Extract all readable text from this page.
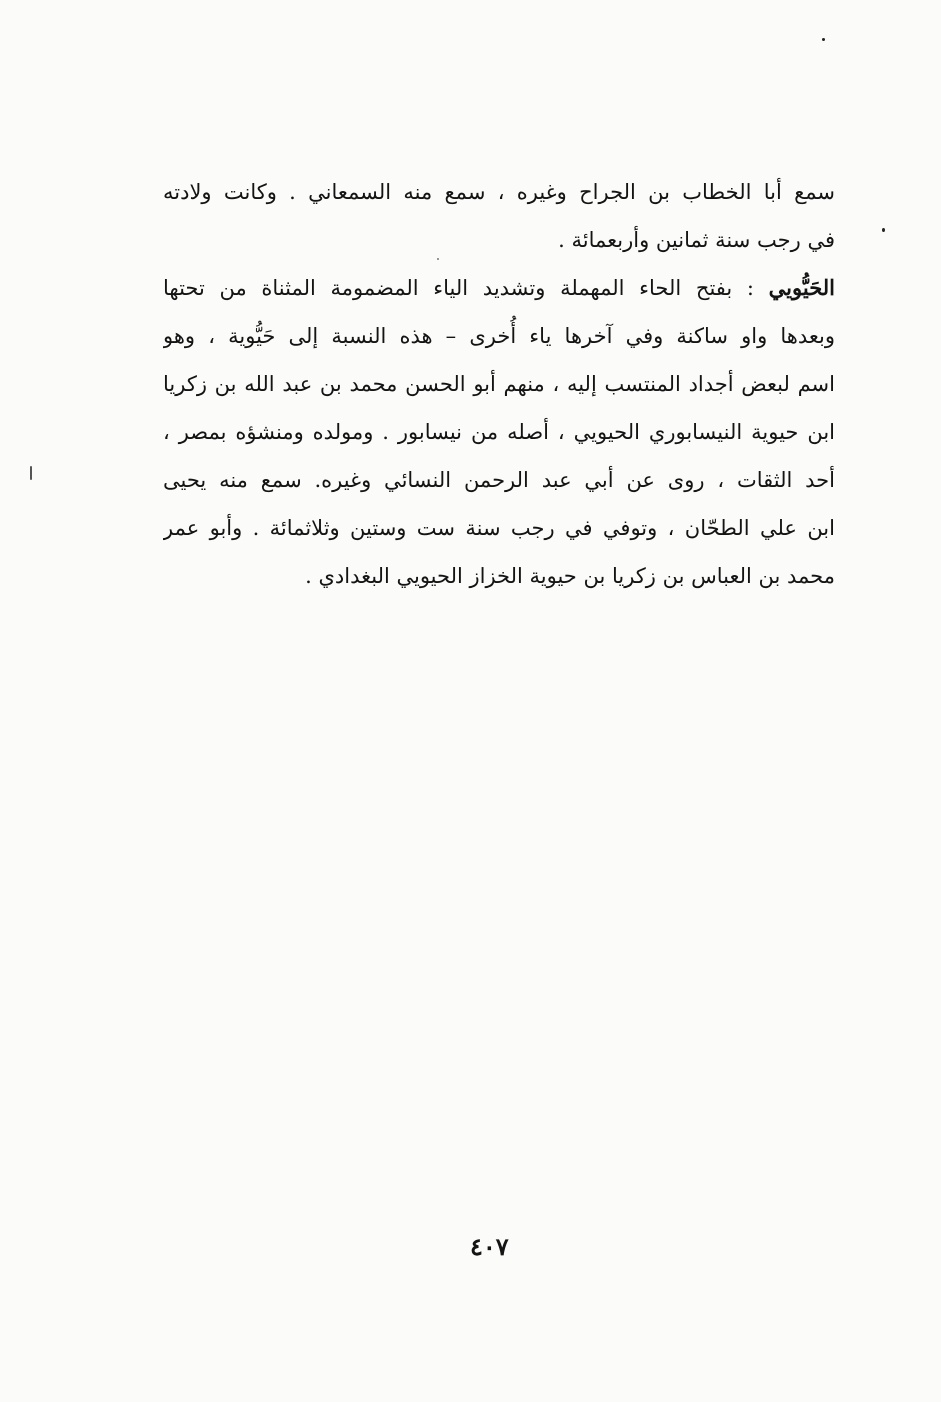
سمع أبا الخطاب بن الجراح وغيره ، سمع منه السمعاني . وكانت ولادته
في رجب سنة ثمانين وأربعمائة .
الحَيُّويي : بفتح الحاء المهملة وتشديد الياء المضمومة المثناة من تحتها
وبعدها واو ساكنة وفي آخرها ياء أُخرى – هذه النسبة إلى حَيُّوية ، وهو
اسم لبعض أجداد المنتسب إليه ، منهم أبو الحسن محمد بن عبد الله بن زكريا
ابن حيوية النيسابوري الحيويي ، أصله من نيسابور . ومولده ومنشؤه بمصر ،
أحد الثقات ، روى عن أبي عبد الرحمن النسائي وغيره. سمع منه يحيى
ابن علي الطحّان ، وتوفي في رجب سنة ست وستين وثلاثمائة . وأبو عمر
محمد بن العباس بن زكريا بن حيوية الخزاز الحيويي البغدادي .
٤٠٧
